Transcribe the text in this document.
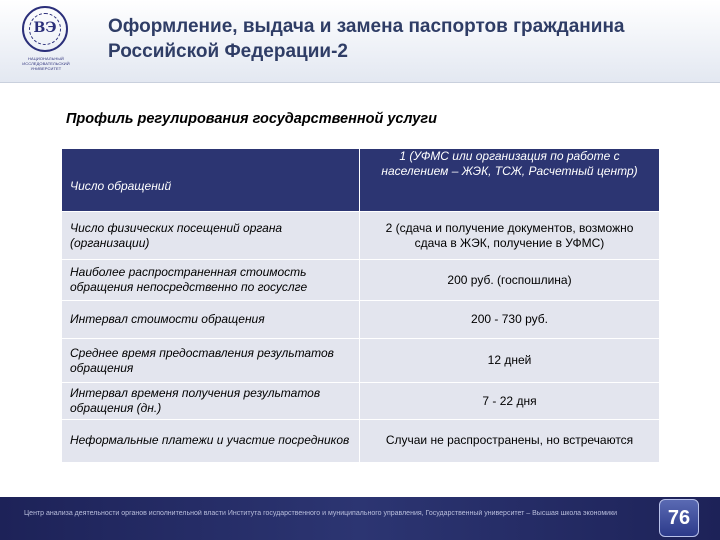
BЭ
НАЦИОНАЛЬНЫЙ ИССЛЕДОВАТЕЛЬСКИЙ УНИВЕРСИТЕТ
Оформление, выдача и замена паспортов гражданина Российской Федерации-2
Профиль регулирования государственной услуги
Число обращений	1 (УФМС или организация по работе с населением – ЖЭК, ТСЖ, Расчетный центр)
Число физических посещений органа (организации)	2 (сдача и получение документов, возможно сдача в ЖЭК, получение в УФМС)
Наиболее распространенная стоимость обращения непосредственно по госуслге	200 руб. (госпошлина)
Интервал стоимости обращения	200 - 730 руб.
Среднее время предоставления результатов обращения	12 дней
Интервал временя получения результатов обращения (дн.)	7 - 22 дня
Неформальные платежи и участие посредников	Случаи не распространены, но встречаются
Центр анализа деятельности органов исполнительной власти Института государственного и муниципального управления, Государственный университет – Высшая школа экономики	76
